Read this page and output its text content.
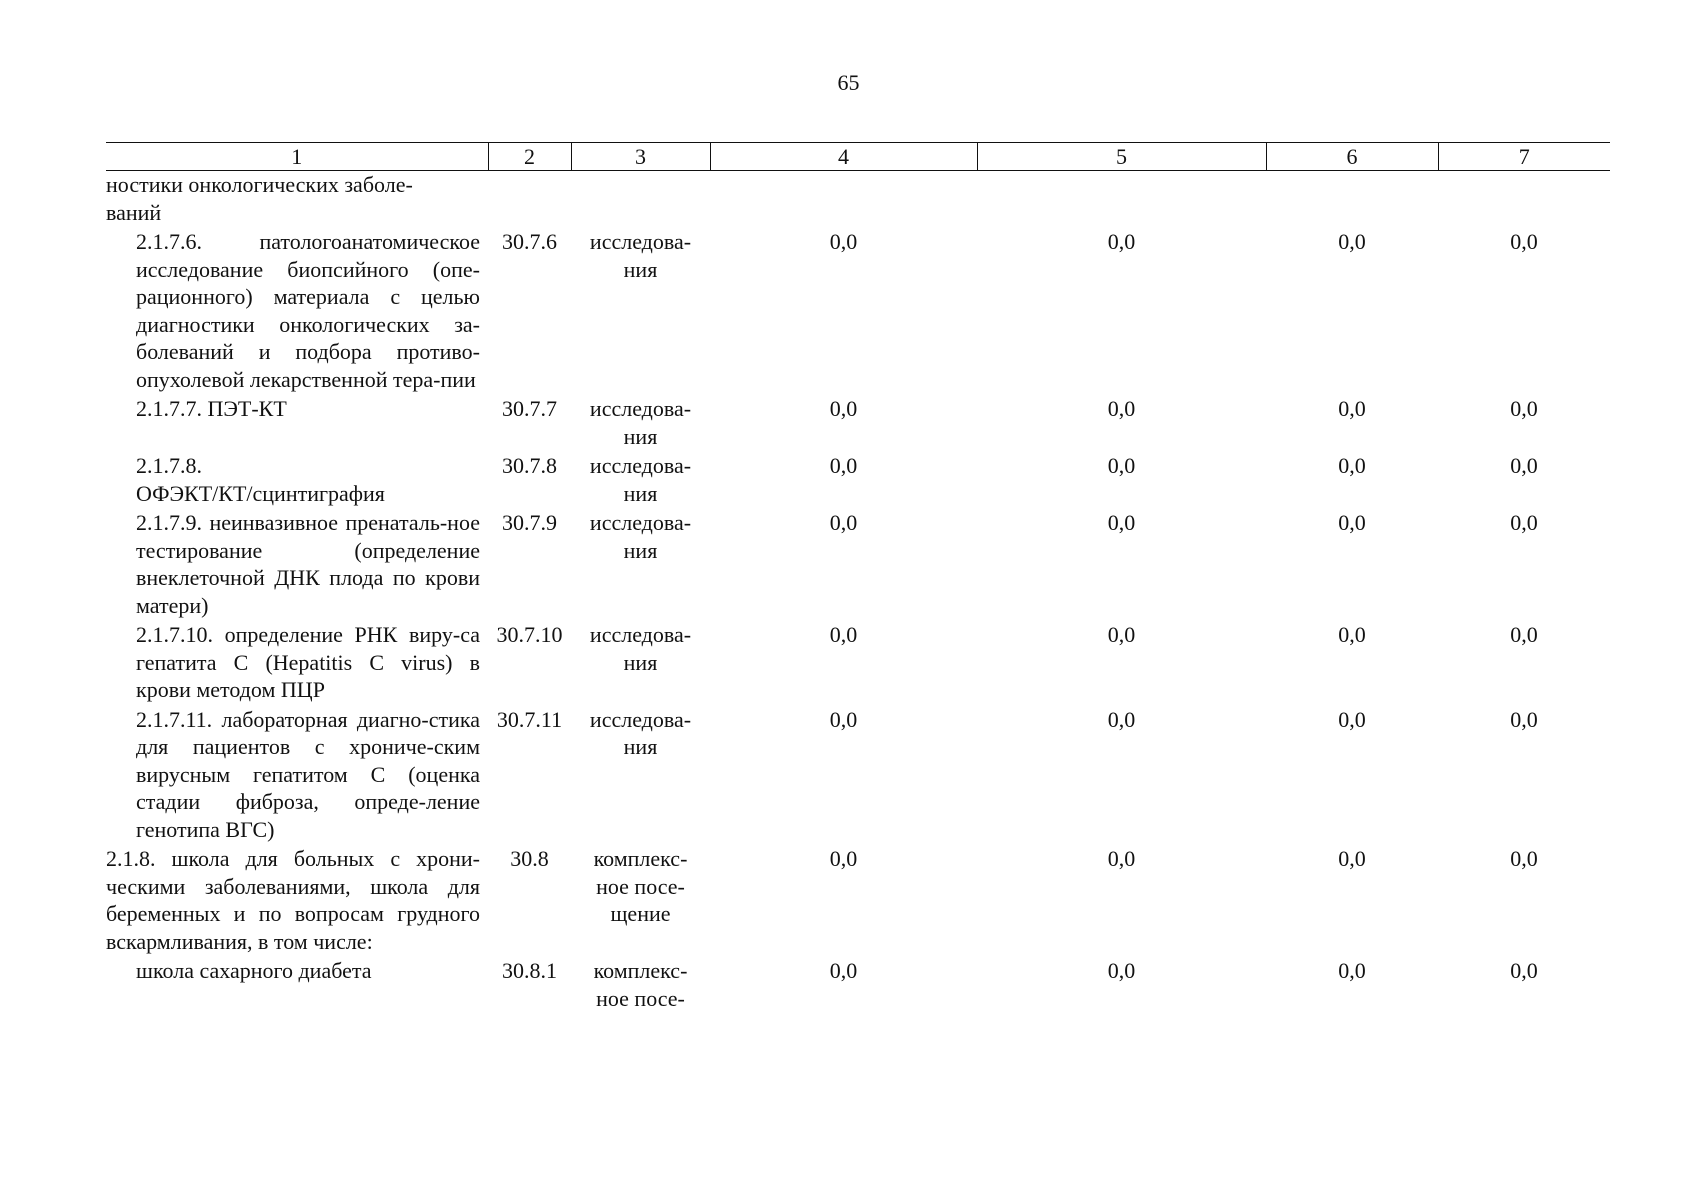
65
1	2	3	4	5	6	7
ностики онкологических заболе-
ваний						
2.1.7.6. патологоанатомическое исследование биопсийного (опе-рационного) материала с целью диагностики онкологических за-болеваний и подбора противо-опухолевой лекарственной тера-пии	30.7.6	исследова-
ния	0,0	0,0	0,0	0,0
2.1.7.7. ПЭТ-КТ	30.7.7	исследова-
ния	0,0	0,0	0,0	0,0
2.1.7.8.
ОФЭКТ/КТ/сцинтиграфия	30.7.8	исследова-
ния	0,0	0,0	0,0	0,0
2.1.7.9. неинвазивное пренаталь-ное тестирование (определение внеклеточной ДНК плода по крови матери)	30.7.9	исследова-
ния	0,0	0,0	0,0	0,0
2.1.7.10. определение РНК виру-са гепатита С (Hepatitis C virus) в крови методом ПЦР	30.7.10	исследова-
ния	0,0	0,0	0,0	0,0
2.1.7.11. лабораторная диагно-стика для пациентов с хрониче-ским вирусным гепатитом С (оценка стадии фиброза, опреде-ление генотипа ВГС)	30.7.11	исследова-
ния	0,0	0,0	0,0	0,0
2.1.8. школа для больных с хрони-ческими заболеваниями, школа для беременных и по вопросам грудного вскармливания, в том числе:	30.8	комплекс-
ное посе-
щение	0,0	0,0	0,0	0,0
школа сахарного диабета	30.8.1	комплекс-
ное посе-	0,0	0,0	0,0	0,0
